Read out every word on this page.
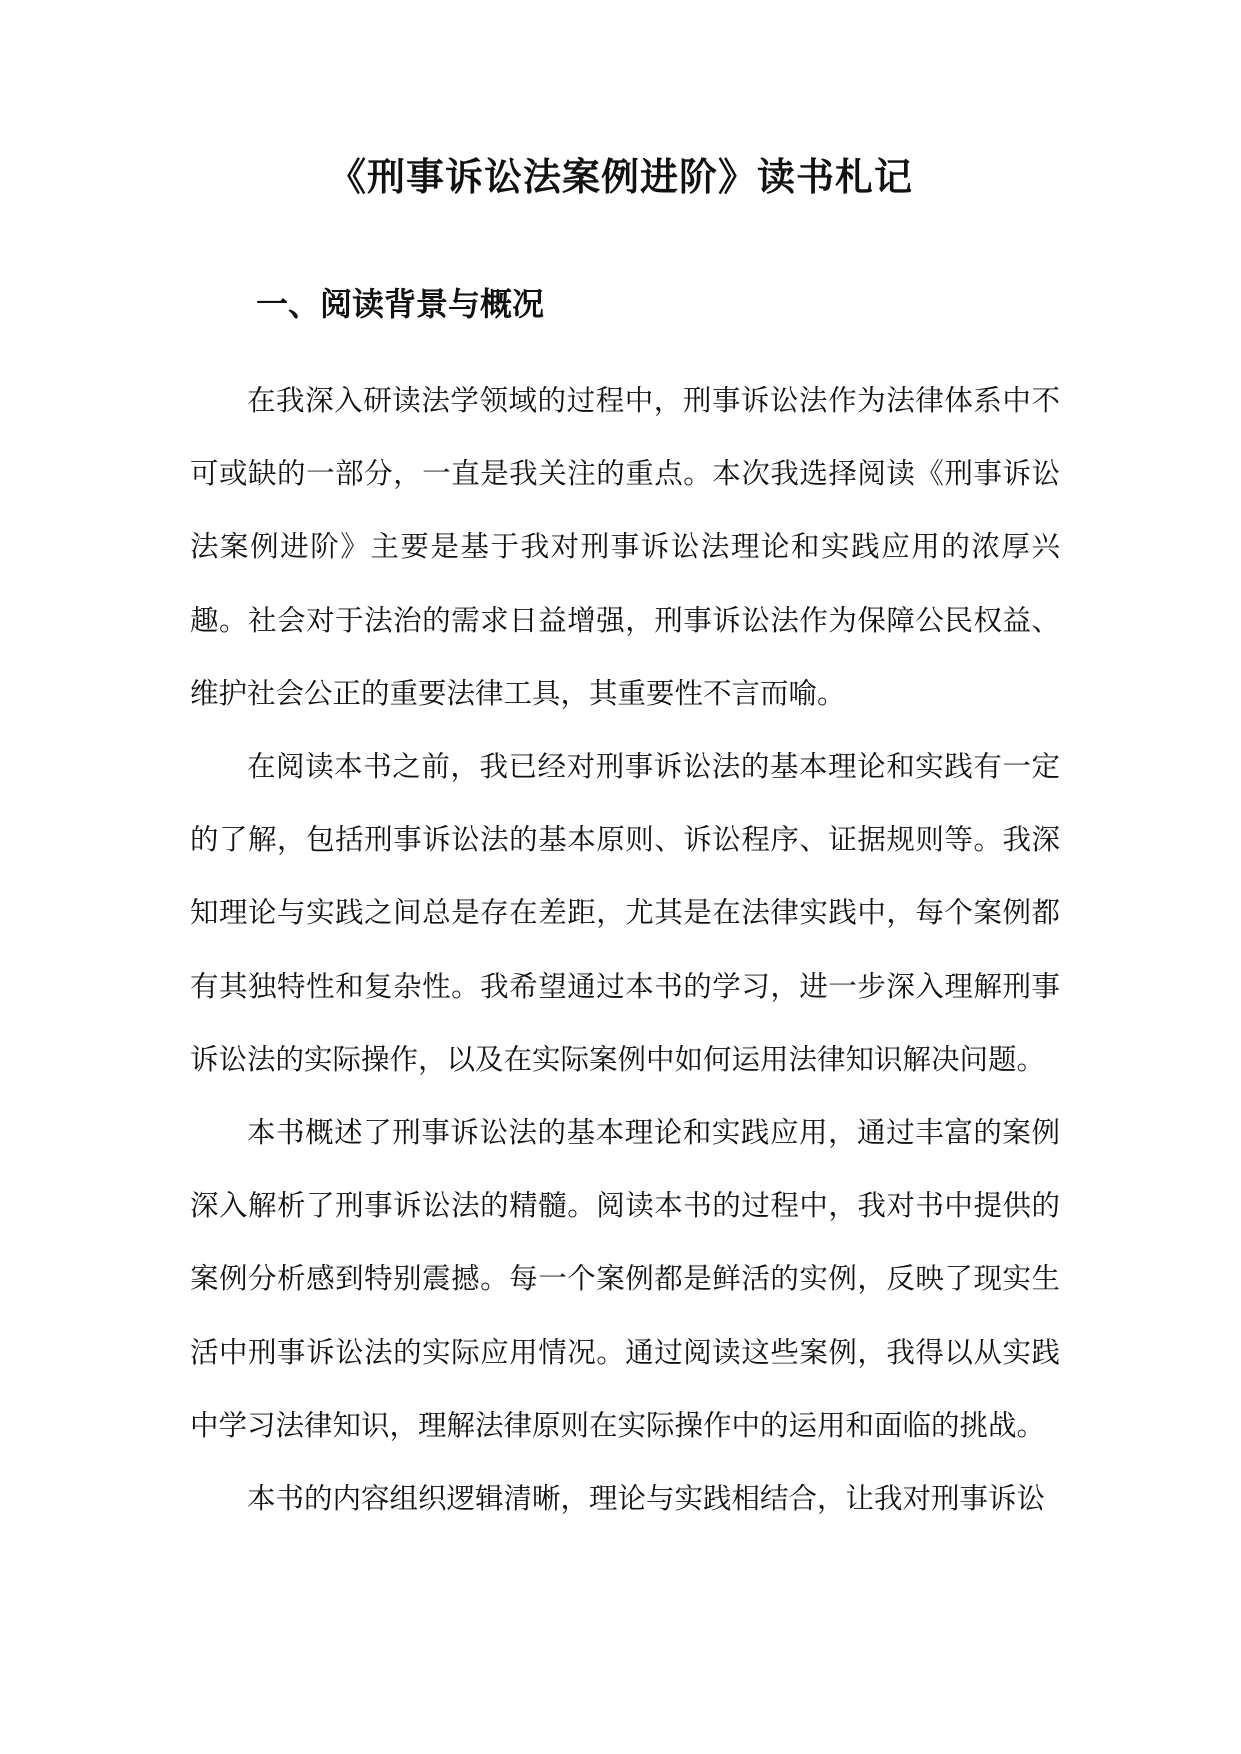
《刑事诉讼法案例进阶》读书札记
一、阅读背景与概况

在我深入研读法学领域的过程中，刑事诉讼法作为法律体系中不可或缺的一部分，一直是我关注的重点。本次我选择阅读《刑事诉讼法案例进阶》主要是基于我对刑事诉讼法理论和实践应用的浓厚兴趣。社会对于法治的需求日益增强，刑事诉讼法作为保障公民权益、维护社会公正的重要法律工具，其重要性不言而喻。

在阅读本书之前，我已经对刑事诉讼法的基本理论和实践有一定的了解，包括刑事诉讼法的基本原则、诉讼程序、证据规则等。我深知理论与实践之间总是存在差距，尤其是在法律实践中，每个案例都有其独特性和复杂性。我希望通过本书的学习，进一步深入理解刑事诉讼法的实际操作，以及在实际案例中如何运用法律知识解决问题。

本书概述了刑事诉讼法的基本理论和实践应用，通过丰富的案例深入解析了刑事诉讼法的精髓。阅读本书的过程中，我对书中提供的案例分析感到特别震撼。每一个案例都是鲜活的实例，反映了现实生活中刑事诉讼法的实际应用情况。通过阅读这些案例，我得以从实践中学习法律知识，理解法律原则在实际操作中的运用和面临的挑战。

本书的内容组织逻辑清晰，理论与实践相结合，让我对刑事诉讼
